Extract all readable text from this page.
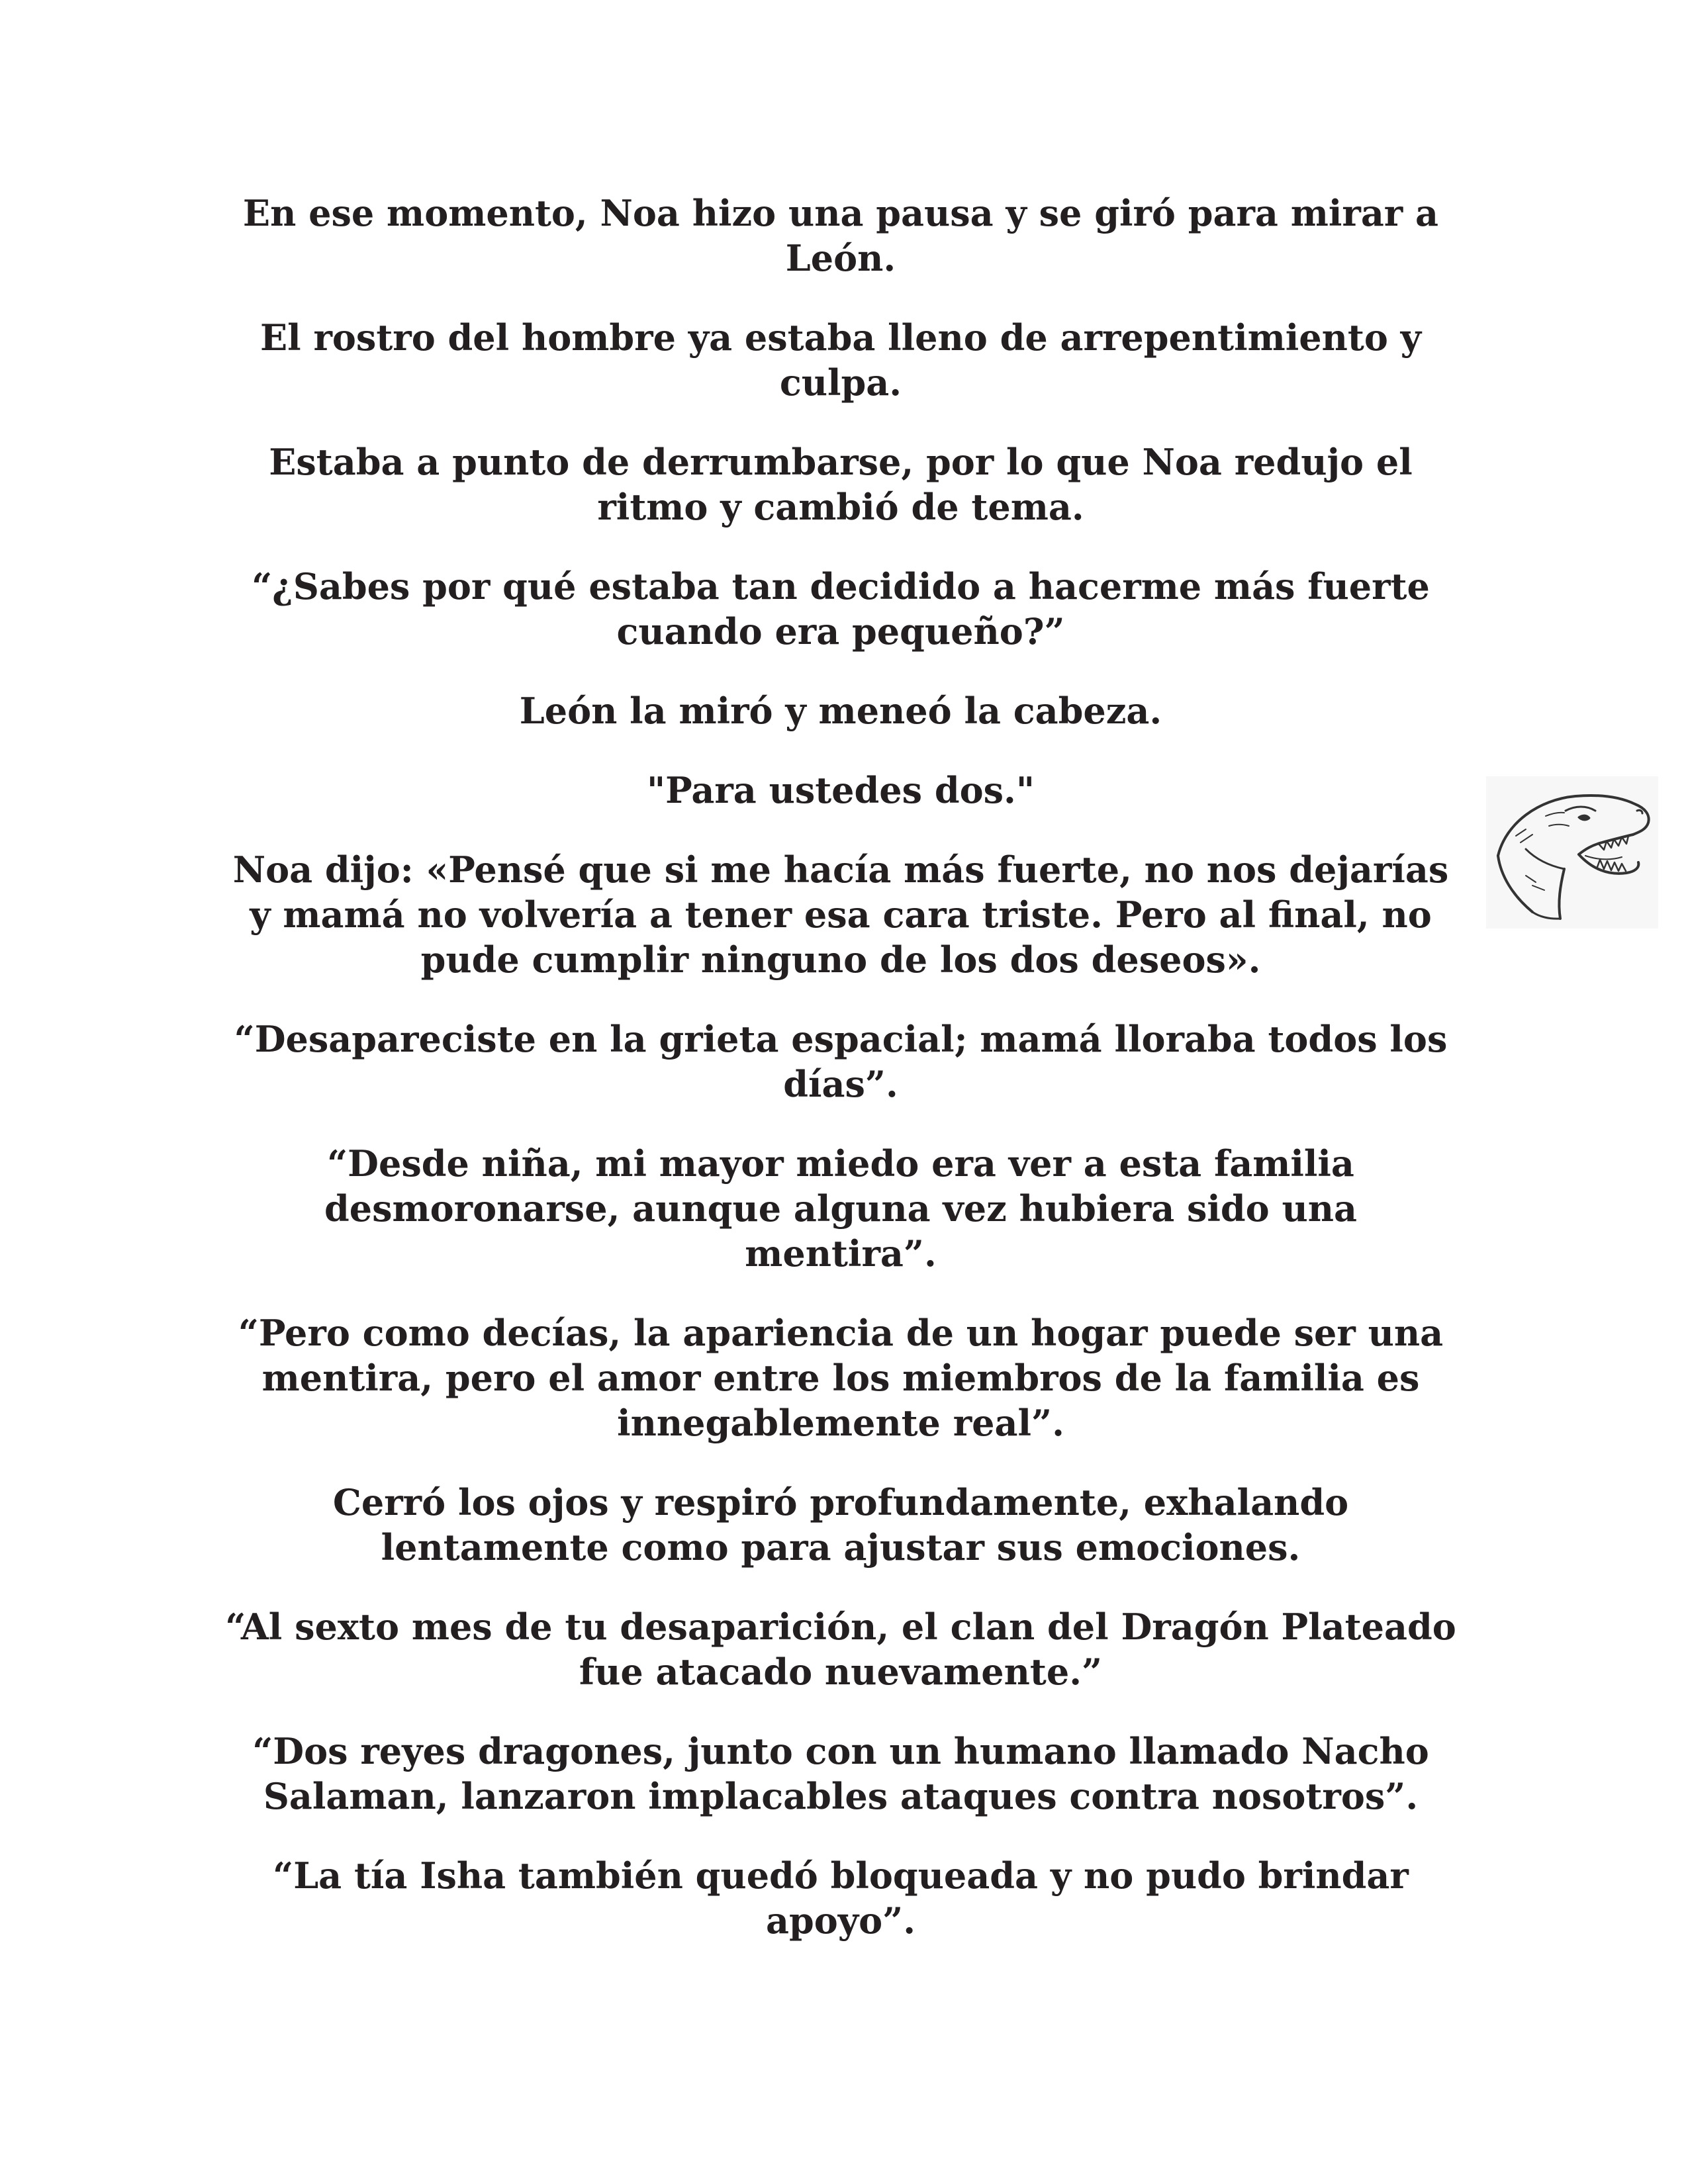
En ese momento, Noa hizo una pausa y se giró para mirar a León.

El rostro del hombre ya estaba lleno de arrepentimiento y culpa.

Estaba a punto de derrumbarse, por lo que Noa redujo el ritmo y cambió de tema.

“¿Sabes por qué estaba tan decidido a hacerme más fuerte cuando era pequeño?”

León la miró y meneó la cabeza.

"Para ustedes dos."

Noa dijo: «Pensé que si me hacía más fuerte, no nos dejarías y mamá no volvería a tener esa cara triste. Pero al final, no pude cumplir ninguno de los dos deseos».

“Desapareciste en la grieta espacial; mamá lloraba todos los días”.

“Desde niña, mi mayor miedo era ver a esta familia desmoronarse, aunque alguna vez hubiera sido una mentira”.

“Pero como decías, la apariencia de un hogar puede ser una mentira, pero el amor entre los miembros de la familia es innegablemente real”.

Cerró los ojos y respiró profundamente, exhalando lentamente como para ajustar sus emociones.

“Al sexto mes de tu desaparición, el clan del Dragón Plateado fue atacado nuevamente.”

“Dos reyes dragones, junto con un humano llamado Nacho Salaman, lanzaron implacables ataques contra nosotros”.

“La tía Isha también quedó bloqueada y no pudo brindar apoyo”.
